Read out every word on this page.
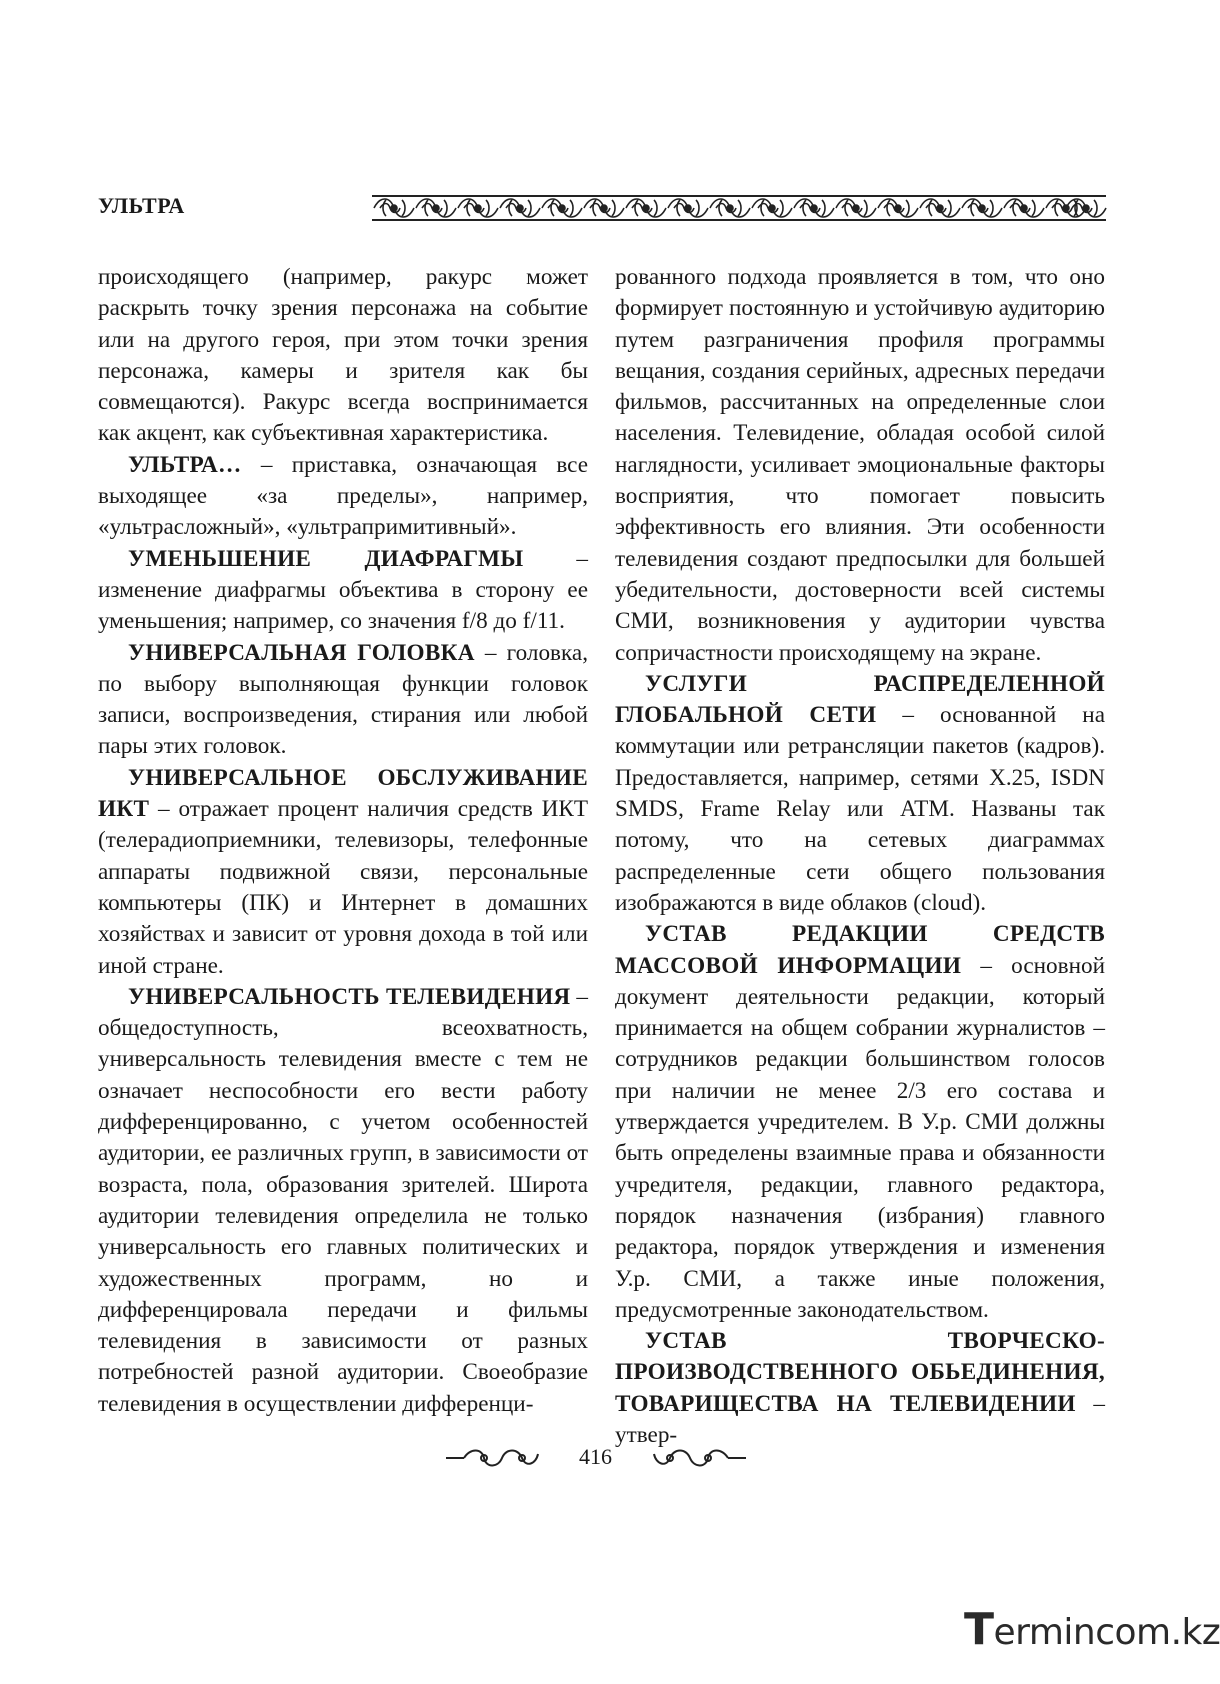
УЛЬТРА

происходящего (например, ракурс может раскрыть точку зрения персонажа на событие или на другого героя, при этом точки зрения персонажа, камеры и зрителя как бы совмещаются). Ракурс всегда воспринимается как акцент, как субъективная характеристика.

УЛЬТРА… – приставка, означающая все выходящее «за пределы», например, «ультрасложный», «ультрапримитивный».

УМЕНЬШЕНИЕ ДИАФРАГМЫ – изменение диафрагмы объектива в сторону ее уменьшения; например, со значения f/8 до f/11.

УНИВЕРСАЛЬНАЯ ГОЛОВКА – головка, по выбору выполняющая функции головок записи, воспроизведения, стирания или любой пары этих головок.

УНИВЕРСАЛЬНОЕ ОБСЛУЖИВАНИЕ ИКТ – отражает процент наличия средств ИКТ (телерадиоприемники, телевизоры, телефонные аппараты подвижной связи, персональные компьютеры (ПК) и Интернет в домашних хозяйствах и зависит от уровня дохода в той или иной стране.

УНИВЕРСАЛЬНОСТЬ ТЕЛЕВИДЕНИЯ – общедоступность, всеохватность, универсальность телевидения вместе с тем не означает неспособности его вести работу дифференцированно, с учетом особенностей аудитории, ее различных групп, в зависимости от возраста, пола, образования зрителей. Широта аудитории телевидения определила не только универсальность его главных политических и художественных программ, но и дифференцировала передачи и фильмы телевидения в зависимости от разных потребностей разной аудитории. Своеобразие телевидения в осуществлении дифференци-

рованного подхода проявляется в том, что оно формирует постоянную и устойчивую аудиторию путем разграничения профиля программы вещания, создания серийных, адресных передачи фильмов, рассчитанных на определенные слои населения. Телевидение, обладая особой силой наглядности, усиливает эмоциональные факторы восприятия, что помогает повысить эффективность его влияния. Эти особенности телевидения создают предпосылки для большей убедительности, достоверности всей системы СМИ, возникновения у аудитории чувства сопричастности происходящему на экране.

УСЛУГИ РАСПРЕДЕЛЕННОЙ ГЛОБАЛЬНОЙ СЕТИ – основанной на коммутации или ретрансляции пакетов (кадров). Предоставляется, например, сетями X.25, ISDN SMDS, Frame Relay или ATM. Названы так потому, что на сетевых диаграммах распределенные сети общего пользования изображаются в виде облаков (cloud).

УСТАВ РЕДАКЦИИ СРЕДСТВ МАССОВОЙ ИНФОРМАЦИИ – основной документ деятельности редакции, который принимается на общем собрании журналистов – сотрудников редакции большинством голосов при наличии не менее 2/3 его состава и утверждается учредителем. В У.р. СМИ должны быть определены взаимные права и обязанности учредителя, редакции, главного редактора, порядок назначения (избрания) главного редактора, порядок утверждения и изменения У.р. СМИ, а также иные положения, предусмотренные законодательством.

УСТАВ ТВОРЧЕСКО-ПРОИЗВОДСТВЕННОГО ОБЬЕДИНЕНИЯ, ТОВАРИЩЕСТВА НА ТЕЛЕВИДЕНИИ – утвер-

416
Termincom.kz
